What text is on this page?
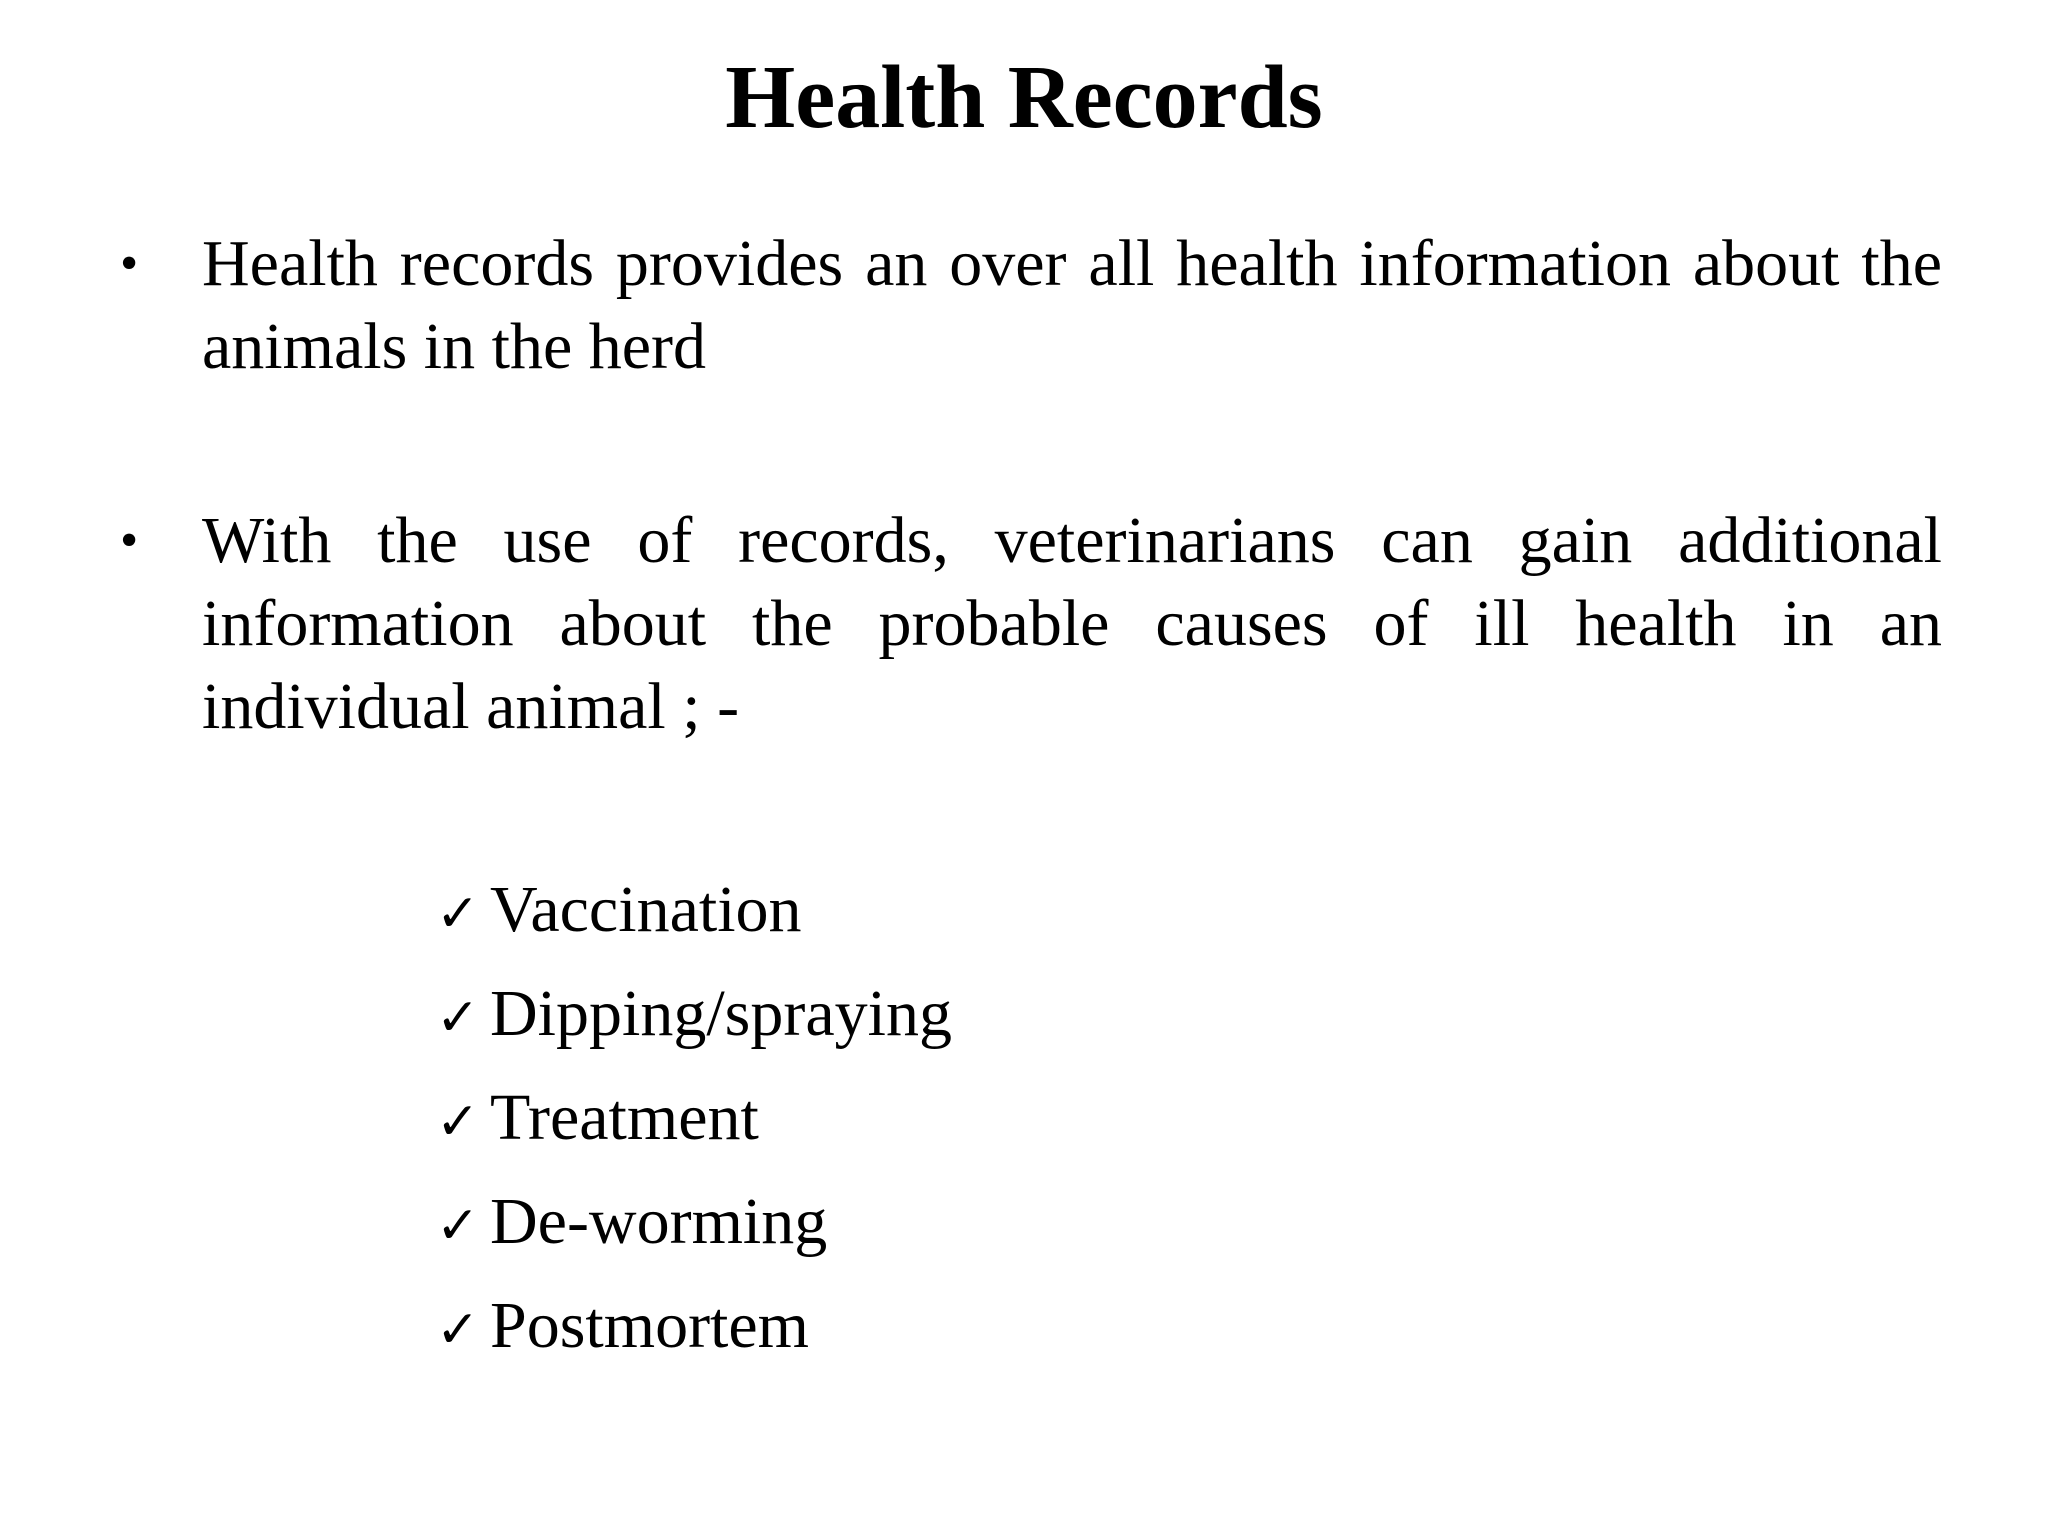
Health Records
• Health records provides an over all health information about the animals in the herd
• With the use of records, veterinarians can gain additional information about the probable causes of ill health in an individual animal ; -
✓ Vaccination
✓ Dipping/spraying
✓ Treatment
✓ De-worming
✓ Postmortem
